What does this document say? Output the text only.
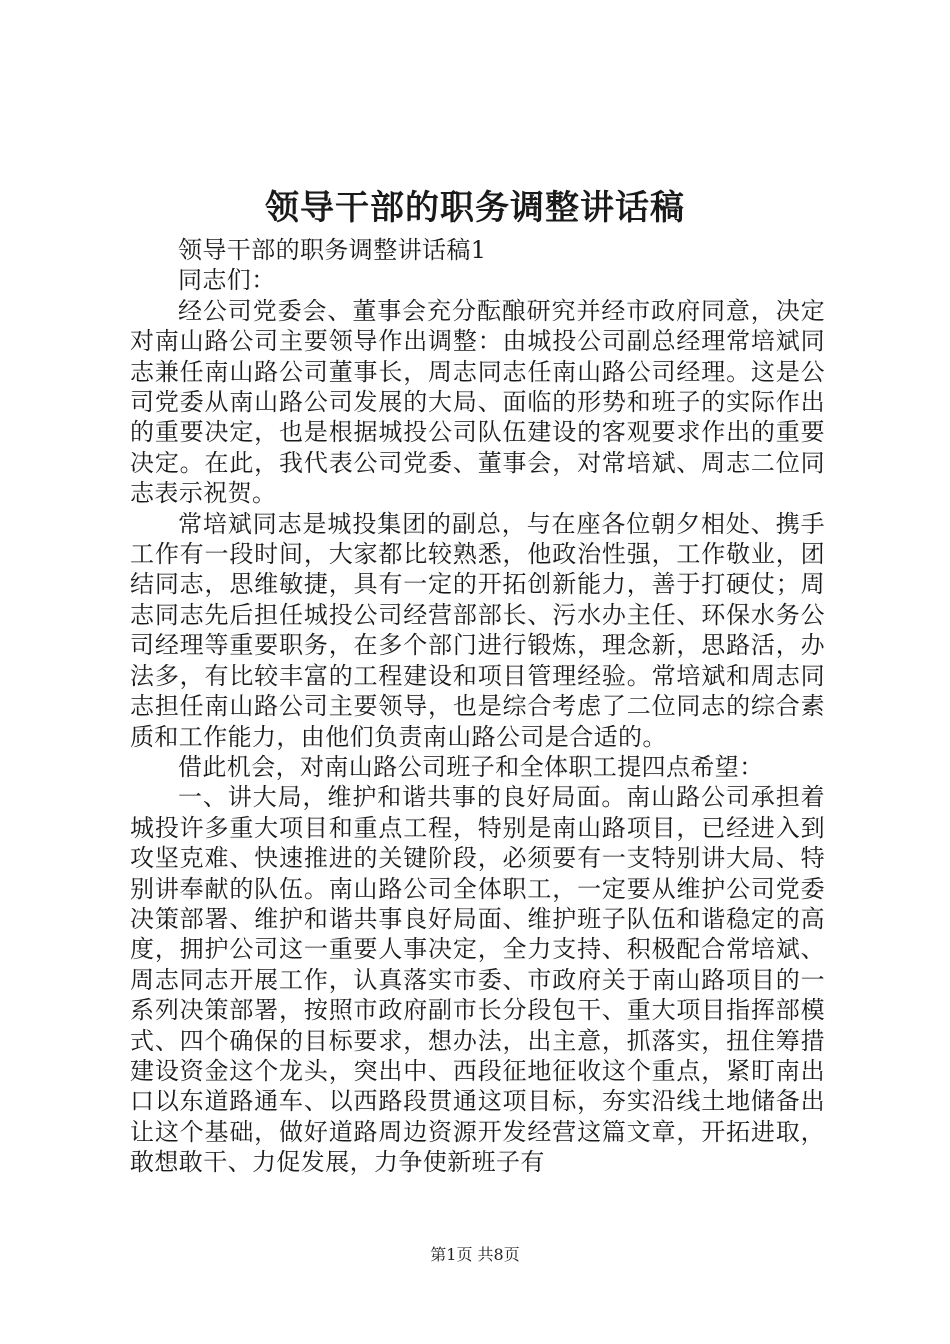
领导干部的职务调整讲话稿

领导干部的职务调整讲话稿1

同志们：

经公司党委会、董事会充分酝酿研究并经市政府同意，决定对南山路公司主要领导作出调整：由城投公司副总经理常培斌同志兼任南山路公司董事长，周志同志任南山路公司经理。这是公司党委从南山路公司发展的大局、面临的形势和班子的实际作出的重要决定，也是根据城投公司队伍建设的客观要求作出的重要决定。在此，我代表公司党委、董事会，对常培斌、周志二位同志表示祝贺。

常培斌同志是城投集团的副总，与在座各位朝夕相处、携手工作有一段时间，大家都比较熟悉，他政治性强，工作敬业，团结同志，思维敏捷，具有一定的开拓创新能力，善于打硬仗；周志同志先后担任城投公司经营部部长、污水办主任、环保水务公司经理等重要职务，在多个部门进行锻炼，理念新，思路活，办法多，有比较丰富的工程建设和项目管理经验。常培斌和周志同志担任南山路公司主要领导，也是综合考虑了二位同志的综合素质和工作能力，由他们负责南山路公司是合适的。

借此机会，对南山路公司班子和全体职工提四点希望：

一、讲大局，维护和谐共事的良好局面。南山路公司承担着城投许多重大项目和重点工程，特别是南山路项目，已经进入到攻坚克难、快速推进的关键阶段，必须要有一支特别讲大局、特别讲奉献的队伍。南山路公司全体职工，一定要从维护公司党委决策部署、维护和谐共事良好局面、维护班子队伍和谐稳定的高度，拥护公司这一重要人事决定，全力支持、积极配合常培斌、周志同志开展工作，认真落实市委、市政府关于南山路项目的一系列决策部署，按照市政府副市长分段包干、重大项目指挥部模式、四个确保的目标要求，想办法，出主意，抓落实，扭住筹措建设资金这个龙头，突出中、西段征地征收这个重点，紧盯南出口以东道路通车、以西路段贯通这项目标，夯实沿线土地储备出让这个基础，做好道路周边资源开发经营这篇文章，开拓进取，敢想敢干、力促发展，力争使新班子有

第1页 共8页
